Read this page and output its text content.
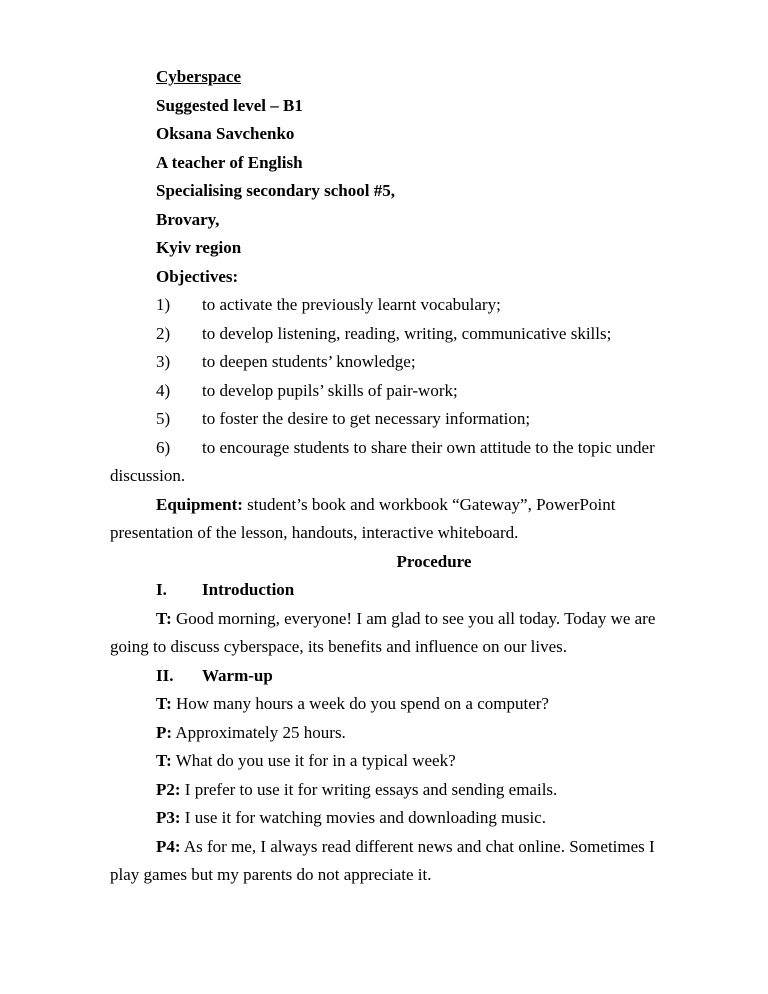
Cyberspace
Suggested level – B1
Oksana Savchenko
A teacher of English
Specialising secondary school #5,
Brovary,
Kyiv region
Objectives:
1) to activate the previously learnt vocabulary;
2) to develop listening, reading, writing, communicative skills;
3) to deepen students’ knowledge;
4) to develop pupils’ skills of pair-work;
5) to foster the desire to get necessary information;
6) to encourage students to share their own attitude to the topic under
discussion.
Equipment: student’s book and workbook “Gateway”, PowerPoint
presentation of the lesson, handouts, interactive whiteboard.
Procedure
I. Introduction
T: Good morning, everyone! I am glad to see you all today. Today we are
going to discuss cyberspace, its benefits and influence on our lives.
II. Warm-up
T: How many hours a week do you spend on a computer?
P: Approximately 25 hours.
T: What do you use it for in a typical week?
P2: I prefer to use it for writing essays and sending emails.
P3: I use it for watching movies and downloading music.
P4: As for me, I always read different news and chat online. Sometimes I
play games but my parents do not appreciate it.
